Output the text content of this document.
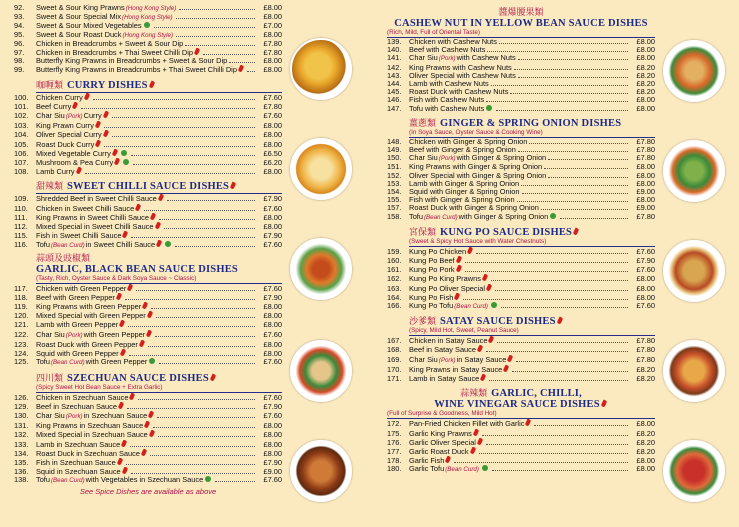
92.	Sweet & Sour King Prawns (Hong Kong Style)	£8.00
93.	Sweet & Sour Special Mix (Hong Kong Style)	£8.00
94.	Sweet & Sour Mixed Vegetables	£7.00
95.	Sweet & Sour Roast Duck (Hong Kong Style)	£8.00
96.	Chicken in Breadcrumbs + Sweet & Sour Dip	£7.80
97.	Chicken in Breadcrumbs + Thai Sweet Chilli Dip	£7.80
98.	Butterfly King Prawns in Breadcrumbs + Sweet & Sour Dip	£8.00
99.	Butterfly King Prawns in Breadcrumbs + Thai Sweet Chilli Dip	£8.00
咖喱類 CURRY DISHES
100.	Chicken Curry	£7.60
101.	Beef Curry	£7.80
102.	Char Siu (Pork) Curry	£7.60
103.	King Prawn Curry	£8.00
104.	Oliver Special Curry	£8.00
105.	Roast Duck Curry	£8.00
106.	Mixed Vegetable Curry	£6.50
107.	Mushroom & Pea Curry	£6.20
108.	Lamb Curry	£8.00
甜辣類 SWEET CHILLI SAUCE DISHES
109.	Shredded Beef in Sweet Chilli Sauce	£7.90
110.	Chicken in Sweet Chilli Sauce	£7.60
111.	King Prawns in Sweet Chilli Sauce	£8.00
112.	Mixed Special in Sweet Chilli Sauce	£8.00
115.	Fish in Sweet Chilli Sauce	£7.90
116.	Tofu (Bean Curd) in Sweet Chilli Sauce	£7.60
蒜頭及豉椒類
GARLIC, BLACK BEAN SAUCE DISHES
(Tasty, Rich, Oyster Sauce & Dark Soya Sauce ~ Classic)
117.	Chicken with Green Pepper	£7.60
118.	Beef with Green Pepper	£7.90
119.	King Prawns with Green Pepper	£8.00
120.	Mixed Special with Green Pepper	£8.00
121.	Lamb with Green Pepper	£8.00
122.	Char Siu (Pork) with Green Pepper	£7.60
123.	Roast Duck with Green Pepper	£8.00
124.	Squid with Green Pepper	£8.00
125.	Tofu (Bean Curd) with Green Pepper	£7.60
四川類 SZECHUAN SAUCE DISHES
(Spicy Sweet Hot Bean Sauce + Extra Garlic)
126.	Chicken in Szechuan Sauce	£7.60
129.	Beef in Szechuan Sauce	£7.90
130.	Char Siu (Pork) in Szechuan Sauce	£7.60
131.	King Prawns in Szechuan Sauce	£8.00
132.	Mixed Special in Szechuan Sauce	£8.00
133.	Lamb in Szechuan Sauce	£8.00
134.	Roast Duck in Szechuan Sauce	£8.00
135.	Fish in Szechuan Sauce	£7.90
136.	Squid in Szechuan Sauce	£9.00
138.	Tofu (Bean Curd) with Vegetables in Szechuan Sauce	£7.60
See Spice Dishes are available as above
醬爆腰果類
CASHEW NUT IN YELLOW BEAN SAUCE DISHES
(Rich, Mild, Full of Oriental Taste)
139.	Chicken with Cashew Nuts	£8.00
140.	Beef with Cashew Nuts	£8.00
141.	Char Siu (Pork) with Cashew Nuts	£8.00
142.	King Prawns with Cashew Nuts	£8.20
143.	Oliver Special with Cashew Nuts	£8.20
144.	Lamb with Cashew Nuts	£8.20
145.	Roast Duck with Cashew Nuts	£8.20
146.	Fish with Cashew Nuts	£8.00
147.	Tofu with Cashew Nuts	£8.00
薑蔥類 GINGER & SPRING ONION DISHES
(In Soya Sauce, Oyster Sauce & Cooking Wine)
148.	Chicken with Ginger & Spring Onion	£7.80
149.	Beef with Ginger & Spring Onion	£7.80
150.	Char Siu (Pork) with Ginger & Spring Onion	£7.80
151.	King Prawns with Ginger & Spring Onion	£8.00
152.	Oliver Special with Ginger & Spring Onion	£8.00
153.	Lamb with Ginger & Spring Onion	£8.00
154.	Squid with Ginger & Spring Onion	£9.00
155.	Fish with Ginger & Spring Onion	£8.00
157.	Roast Duck with Ginger & Spring Onion	£9.00
158.	Tofu (Bean Curd) with Ginger & Spring Onion	£7.80
宮保類 KUNG PO SAUCE DISHES
(Sweet & Spicy Hot Sauce with Water Chestnuts)
159.	Kung Po Chicken	£7.60
160.	Kung Po Beef	£7.90
161.	Kung Po Pork	£7.60
162.	Kung Po King Prawns	£8.00
163.	Kung Po Oliver Special	£8.00
164.	Kung Po Fish	£8.00
166.	Kung Po Tofu (Bean Curd)	£7.60
沙爹類 SATAY SAUCE DISHES
(Spicy, Mild Hot, Sweet, Peanut Sauce)
167.	Chicken in Satay Sauce	£7.80
168.	Beef in Satay Sauce	£7.80
169.	Char Siu (Pork) in Satay Sauce	£7.80
170.	King Prawns in Satay Sauce	£8.20
171.	Lamb in Satay Sauce	£8.20
蒜辣類 GARLIC, CHILLI,
WINE VINEGAR SAUCE DISHES
(Full of Surprise & Goodness, Mild Hot)
172.	Pan-Fried Chicken Fillet with Garlic	£8.00
175.	Garlic King Prawns	£8.20
176.	Garlic Oliver Special	£8.20
177.	Garlic Roast Duck	£8.20
178.	Garlic Fish	£8.00
180.	Garlic Tofu (Bean Curd)	£8.00
